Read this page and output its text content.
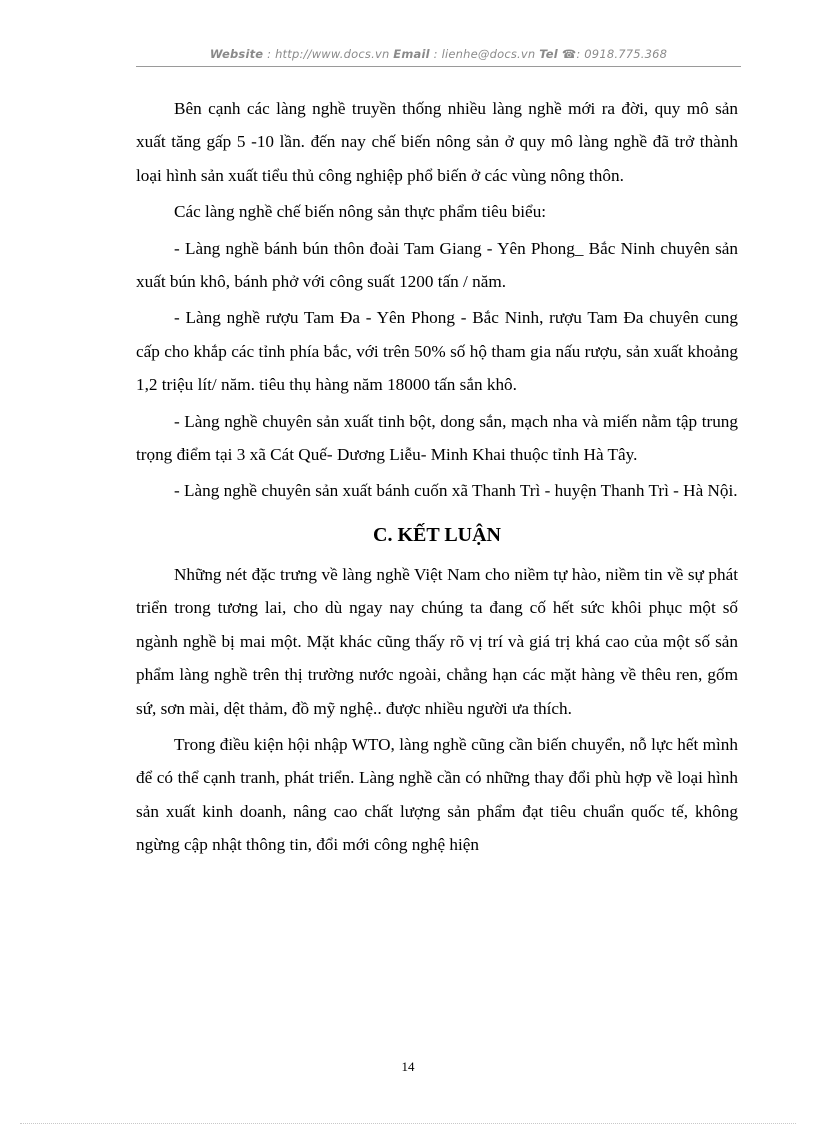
Website : http://www.docs.vn Email : lienhe@docs.vn Tel ☎: 0918.775.368

Bên cạnh các làng nghề truyền thống nhiều làng nghề mới ra đời, quy mô sản xuất tăng gấp 5 -10 lần. đến nay chế biến nông sản ở quy mô làng nghề đã trở thành loại hình sản xuất tiểu thủ công nghiệp phổ biến ở các vùng nông thôn.

Các làng nghề chế biến nông sản thực phẩm tiêu biểu:

- Làng nghề bánh bún thôn đoài Tam Giang - Yên Phong_ Bắc Ninh chuyên sản xuất bún khô, bánh phở với công suất 1200 tấn / năm.

- Làng nghề rượu Tam Đa - Yên Phong - Bắc Ninh, rượu Tam Đa chuyên cung cấp cho khắp các tỉnh phía bắc, với trên 50% số hộ tham gia nấu rượu, sản xuất khoảng 1,2 triệu lít/ năm. tiêu thụ hàng năm 18000 tấn sắn khô.

- Làng nghề chuyên sản xuất tinh bột, dong sắn, mạch nha và miến nằm tập trung trọng điểm tại 3 xã Cát Quế- Dương Liễu- Minh Khai thuộc tỉnh Hà Tây.

- Làng nghề chuyên sản xuất bánh cuốn xã Thanh Trì - huyện Thanh Trì - Hà Nội.

C. KẾT LUẬN

Những nét đặc trưng về làng nghề Việt Nam cho niềm tự hào, niềm tin về sự phát triển trong tương lai, cho dù ngay nay chúng ta đang cố hết sức khôi phục một số ngành nghề bị mai một. Mặt khác cũng thấy rõ vị trí và giá trị khá cao của một số sản phẩm làng nghề trên thị trường nước ngoài, chẳng hạn các mặt hàng về thêu ren, gốm sứ, sơn mài, dệt thảm, đồ mỹ nghệ.. được nhiều người ưa thích.

Trong điều kiện hội nhập WTO, làng nghề cũng cần biến chuyển, nỗ lực hết mình để có thể cạnh tranh, phát triển. Làng nghề cần có những thay đổi phù hợp về loại hình sản xuất kinh doanh, nâng cao chất lượng sản phẩm đạt tiêu chuẩn quốc tế, không ngừng cập nhật thông tin, đổi mới công nghệ hiện

14
